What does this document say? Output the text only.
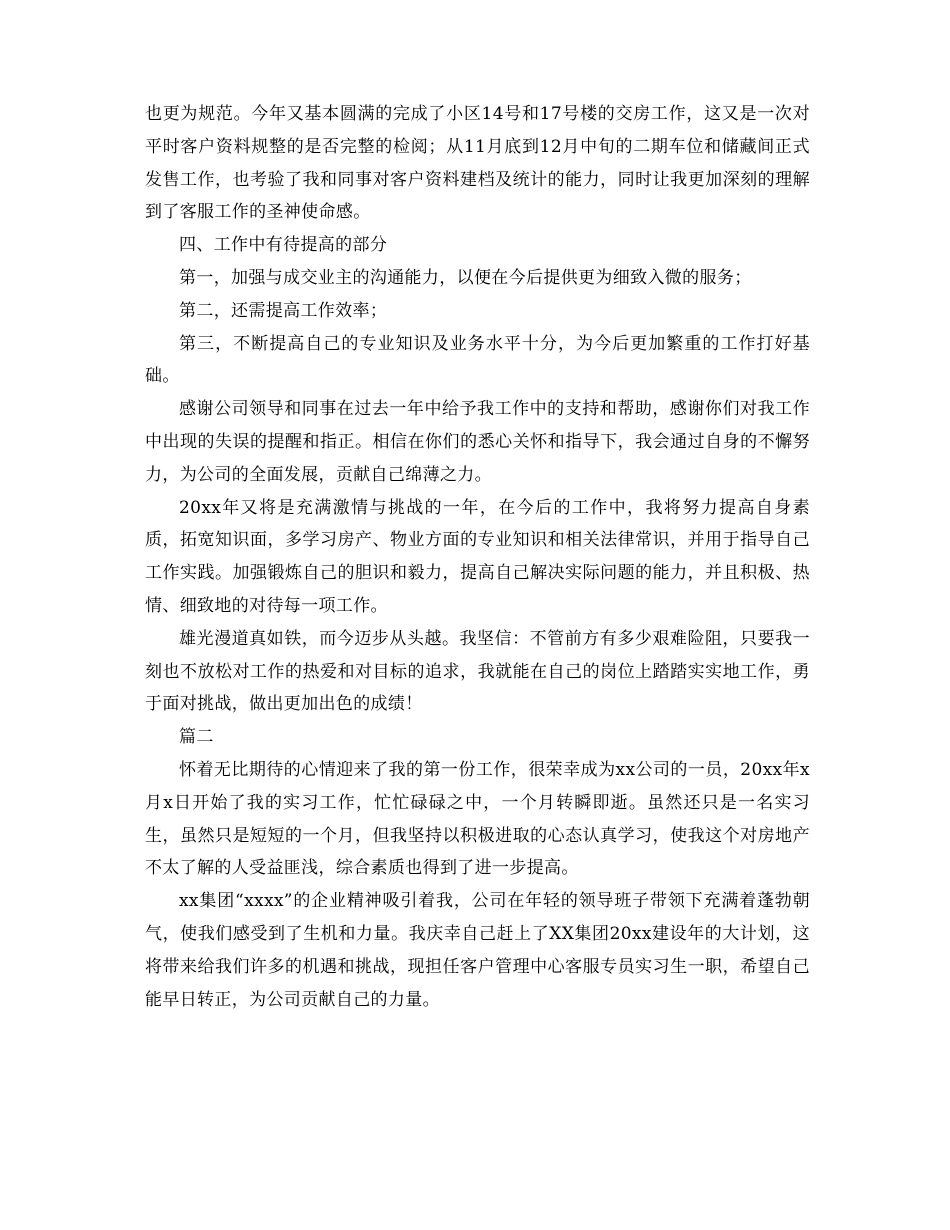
也更为规范。今年又基本圆满的完成了小区14号和17号楼的交房工作，这又是一次对平时客户资料规整的是否完整的检阅；从11月底到12月中旬的二期车位和储藏间正式发售工作，也考验了我和同事对客户资料建档及统计的能力，同时让我更加深刻的理解到了客服工作的圣神使命感。

四、工作中有待提高的部分

第一，加强与成交业主的沟通能力，以便在今后提供更为细致入微的服务；

第二，还需提高工作效率；

第三，不断提高自己的专业知识及业务水平十分，为今后更加繁重的工作打好基础。

感谢公司领导和同事在过去一年中给予我工作中的支持和帮助，感谢你们对我工作中出现的失误的提醒和指正。相信在你们的悉心关怀和指导下，我会通过自身的不懈努力，为公司的全面发展，贡献自己绵薄之力。

20xx年又将是充满激情与挑战的一年，在今后的工作中，我将努力提高自身素质，拓宽知识面，多学习房产、物业方面的专业知识和相关法律常识，并用于指导自己工作实践。加强锻炼自己的胆识和毅力，提高自己解决实际问题的能力，并且积极、热情、细致地的对待每一项工作。

雄光漫道真如铁，而今迈步从头越。我坚信：不管前方有多少艰难险阻，只要我一刻也不放松对工作的热爱和对目标的追求，我就能在自己的岗位上踏踏实实地工作，勇于面对挑战，做出更加出色的成绩！

篇二

怀着无比期待的心情迎来了我的第一份工作，很荣幸成为xx公司的一员，20xx年x月x日开始了我的实习工作，忙忙碌碌之中，一个月转瞬即逝。虽然还只是一名实习生，虽然只是短短的一个月，但我坚持以积极进取的心态认真学习，使我这个对房地产不太了解的人受益匪浅，综合素质也得到了进一步提高。

xx集团“xxxx”的企业精神吸引着我，公司在年轻的领导班子带领下充满着蓬勃朝气，使我们感受到了生机和力量。我庆幸自己赶上了XX集团20xx建设年的大计划，这将带来给我们许多的机遇和挑战，现担任客户管理中心客服专员实习生一职，希望自己能早日转正，为公司贡献自己的力量。
